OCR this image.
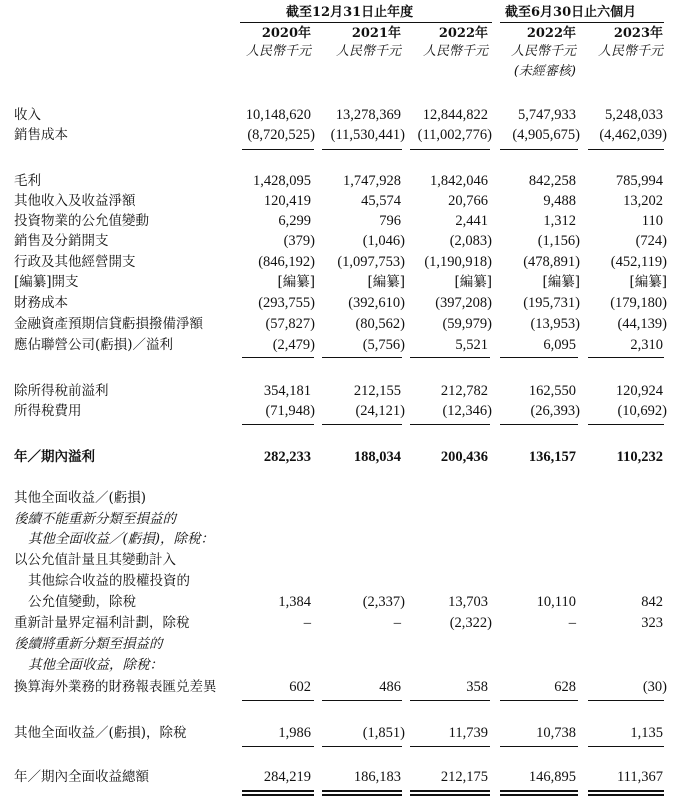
截至12月31日止年度	截至6月30日止六個月
2020年	2021年	2022年	2022年	2023年
人民幣千元 人民幣千元 人民幣千元 人民幣千元 人民幣千元
(未經審核)
收入	10,148,620 13,278,369 12,844,822 5,747,933 5,248,033
銷售成本	(8,720,525) (11,530,441) (11,002,776) (4,905,675) (4,462,039)
毛利	1,428,095 1,747,928 1,842,046	842,258	785,994
其他收入及收益淨額	120,419	45,574	20,766	9,488	13,202
投資物業的公允值變動	6,299	796	2,441	1,312	110
銷售及分銷開支	(379)	(1,046)	(2,083)	(1,156)	(724)
行政及其他經營開支	(846,192) (1,097,753) (1,190,918) (478,891) (452,119)
[編纂]開支	[編纂]	[編纂]	[編纂]	[編纂]	[編纂]
財務成本	(293,755) (392,610) (397,208) (195,731) (179,180)
金融資產預期信貸虧損撥備淨額	(57,827)	(80,562)	(59,979)	(13,953)	(44,139)
應佔聯營公司(虧損)／溢利	(2,479)	(5,756)	5,521	6,095	2,310
除所得稅前溢利	354,181	212,155	212,782	162,550	120,924
所得稅費用	(71,948)	(24,121)	(12,346)	(26,393)	(10,692)
年／期內溢利	282,233	188,034	200,436	136,157	110,232
其他全面收益／(虧損)
後續不能重新分類至損益的
其他全面收益／(虧損)，除稅：
以公允值計量且其變動計入
其他綜合收益的股權投資的
公允值變動，除稅	1,384	(2,337)	13,703	10,110	842
重新計量界定福利計劃，除稅	–	–	(2,322)	–	323
後續將重新分類至損益的
其他全面收益，除稅：
換算海外業務的財務報表匯兑差異	602	486	358	628	(30)
其他全面收益／(虧損)，除稅	1,986	(1,851)	11,739	10,738	1,135
年／期內全面收益總額	284,219	186,183	212,175	146,895	111,367
